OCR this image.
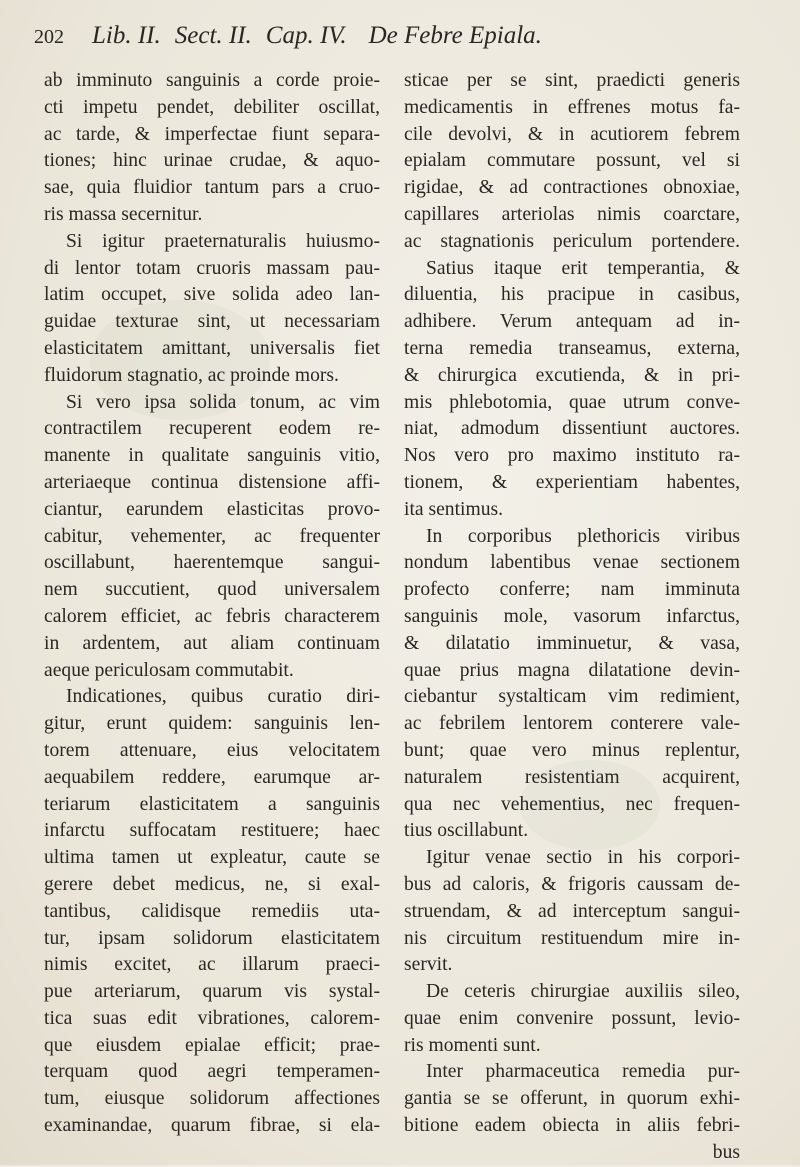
202	Lib. II. Sect. II. Cap. IV. De Febre Epiala.
ab imminuto sanguinis a corde proie-
cti impetu pendet, debiliter oscillat,
ac tarde, & imperfectae fiunt separa-
tiones; hinc urinae crudae, & aquo-
sae, quia fluidior tantum pars a cruo-
ris massa secernitur.
Si igitur praeternaturalis huiusmo-
di lentor totam cruoris massam pau-
latim occupet, sive solida adeo lan-
guidae texturae sint, ut necessariam
elasticitatem amittant, universalis fiet
fluidorum stagnatio, ac proinde mors.
Si vero ipsa solida tonum, ac vim
contractilem recuperent eodem re-
manente in qualitate sanguinis vitio,
arteriaeque continua distensione affi-
ciantur, earundem elasticitas provo-
cabitur, vehementer, ac frequenter
oscillabunt, haerentemque sangui-
nem succutient, quod universalem
calorem efficiet, ac febris characterem
in ardentem, aut aliam continuam
aeque periculosam commutabit.
Indicationes, quibus curatio diri-
gitur, erunt quidem: sanguinis len-
torem attenuare, eius velocitatem
aequabilem reddere, earumque ar-
teriarum elasticitatem a sanguinis
infarctu suffocatam restituere; haec
ultima tamen ut expleatur, caute se
gerere debet medicus, ne, si exal-
tantibus, calidisque remediis uta-
tur, ipsam solidorum elasticitatem
nimis excitet, ac illarum praeci-
pue arteriarum, quarum vis systal-
tica suas edit vibrationes, calorem-
que eiusdem epialae efficit; prae-
terquam quod aegri temperamen-
tum, eiusque solidorum affectiones
examinandae, quarum fibrae, si ela-
sticae per se sint, praedicti generis
medicamentis in effrenes motus fa-
cile devolvi, & in acutiorem febrem
epialam commutare possunt, vel si
rigidae, & ad contractiones obnoxiae,
capillares arteriolas nimis coarctare,
ac stagnationis periculum portendere.
Satius itaque erit temperantia, &
diluentia, his pracipue in casibus,
adhibere. Verum antequam ad in-
terna remedia transeamus, externa,
& chirurgica excutienda, & in pri-
mis phlebotomia, quae utrum conve-
niat, admodum dissentiunt auctores.
Nos vero pro maximo instituto ra-
tionem, & experientiam habentes,
ita sentimus.
In corporibus plethoricis viribus
nondum labentibus venae sectionem
profecto conferre; nam imminuta
sanguinis mole, vasorum infarctus,
& dilatatio imminuetur, & vasa,
quae prius magna dilatatione devin-
ciebantur systalticam vim redimient,
ac febrilem lentorem conterere vale-
bunt; quae vero minus replentur,
naturalem resistentiam acquirent,
qua nec vehementius, nec frequen-
tius oscillabunt.
Igitur venae sectio in his corpori-
bus ad caloris, & frigoris caussam de-
struendam, & ad interceptum sangui-
nis circuitum restituendum mire in-
servit.
De ceteris chirurgiae auxiliis sileo,
quae enim convenire possunt, levio-
ris momenti sunt.
Inter pharmaceutica remedia pur-
gantia se se offerunt, in quorum exhi-
bitione eadem obiecta in aliis febri-
bus
